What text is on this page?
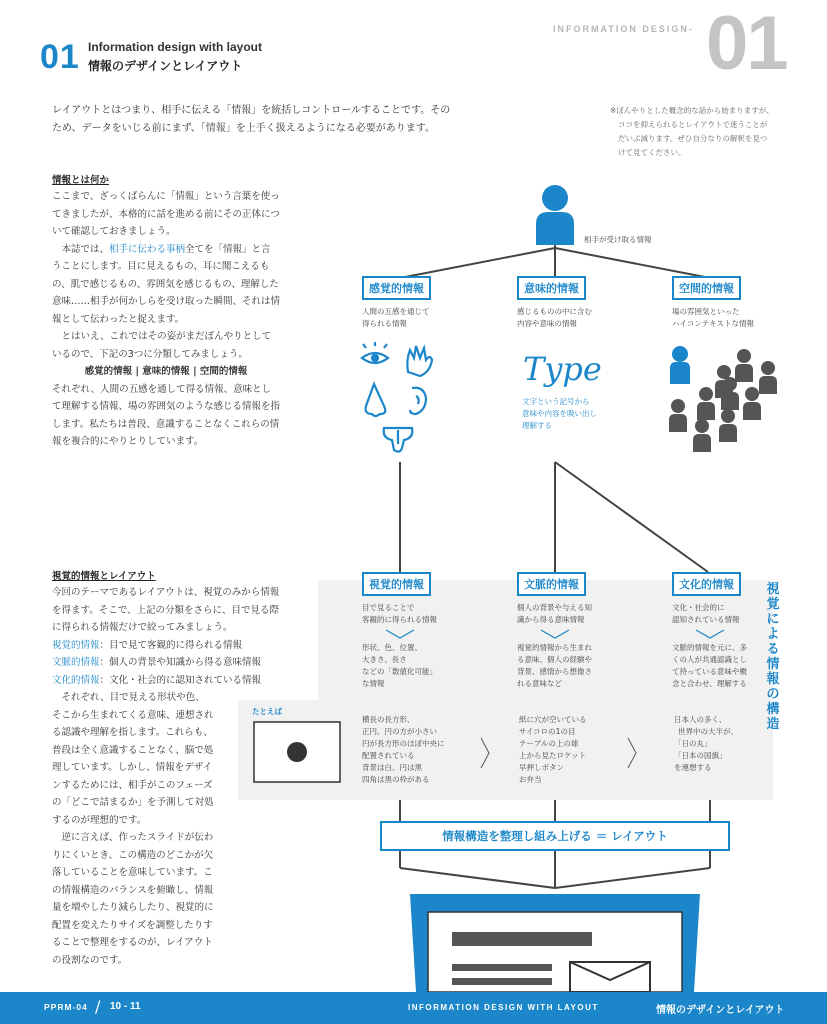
01 Information design with layout
情報のデザインとレイアウト
INFORMATION DESIGN- 01
レイアウトとはつまり、相手に伝える「情報」を統括しコントロールすることです。その
ため、データをいじる前にまず、「情報」を上手く扱えるようになる必要があります。
※ぼんやりとした概念的な話から始まりますが、
ココを抑えられるとレイアウトで迷うことが
だいぶ減ります。ぜひ自分なりの解釈を見つ
けて見てください。
情報とは何か
ここまで、ざっくばらんに「情報」という言葉を使ってきましたが、本格的に話を進める前にその正体について確認しておきましょう。
本誌では、相手に伝わる事柄全てを「情報」と言うことにします。目に見えるもの、耳に聞こえるもの、肌で感じるもの、雰囲気を感じるもの、理解した意味……相手が何かしらを受け取った瞬間、それは情報として伝わったと捉えます。
とはいえ、これではその姿がまだぼんやりとしているので、下記の3つに分類してみましょう。
感覚的情報 | 意味的情報 | 空間的情報
それぞれ、人間の五感を通して得る情報、意味として理解する情報、場の雰囲気のような感じる情報を指します。私たちは普段、意識することなくこれらの情報を複合的にやりとりしています。
視覚的情報とレイアウト
今回のテーマであるレイアウトは、視覚のみから情報を得ます。そこで、上記の分類をさらに、目で見る際に得られる情報だけで絞ってみましょう。
視覚的情報：目で見て客観的に得られる情報
文脈的情報：個人の背景や知識から得る意味情報
文化的情報：文化・社会的に認知されている情報
それぞれ、目で見える形状や色、
そこから生まれてくる意味、連想される認識や理解を指します。これらも、普段は全く意識することなく、脳で処理しています。しかし、情報をデザインするためには、相手がこのフェーズの「どこで詰まるか」を予測して対処するのが理想的です。
逆に言えば、作ったスライドが伝わりにくいとき、この構造のどこかが欠落していることを意味しています。この情報構造のバランスを俯瞰し、情報量を増やしたり減らしたり、視覚的に配置を変えたりサイズを調整したりすることで整理をするのが、レイアウトの役割なのです。
相手が受け取る情報
感覚的情報	意味的情報	空間的情報
人間の五感を通じて
得られる情報
感じるものの中に含む
内容や意味の情報
場の雰囲気といった
ハイコンテキストな情報
Type
文字という記号から
意味や内容を吸い出し
理解する
視覚による情報の構造
視覚的情報	文脈的情報	文化的情報
目で見ることで
客観的に得られる情報
個人の背景や与える知
識から得る意味情報
文化・社会的に
認知されている情報
形状、色、位置、
大きさ、長さ
などの「数値化可能」
な情報
視覚的情報から生まれ
る意味、個人の経験や
背景、感情から想像さ
れる意味など
文脈的情報を元に、多
くの人が共通認識とし
て持っている意味や概
念と合わせ、理解する
たとえば
横長の長方形、
正円、円の方が小さい
円が長方形のほぼ中央に
配置されている
背景は白、円は黒
四角は黒の枠がある
紙に穴が空いている
サイコロの1の目
テーブルの上の球
上から見たロケット
早押しボタン
お弁当
日本人の多く、
世界中の大半が、
「日の丸」
「日本の国旗」
を連想する
情報構造を整理し組み上げる ＝ レイアウト
PPRM-04 / 10 - 11	INFORMATION DESIGN WITH LAYOUT	情報のデザインとレイアウト
